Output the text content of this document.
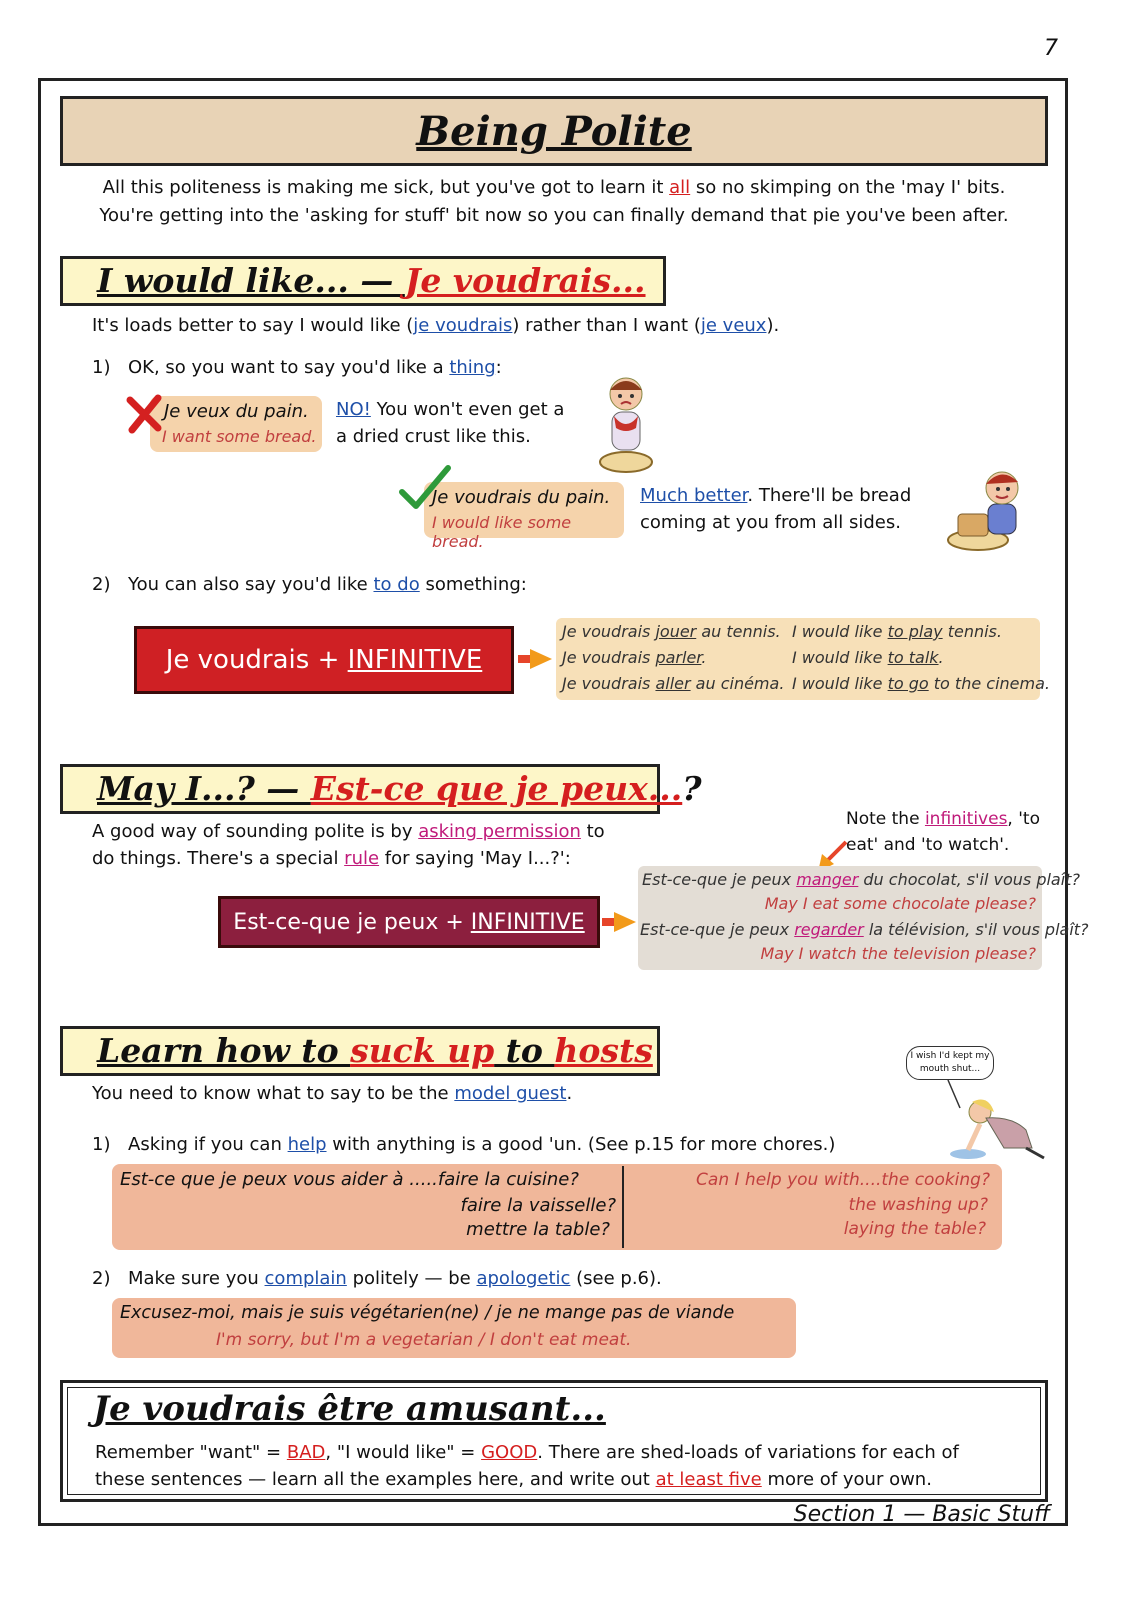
7
Being Polite
All this politeness is making me sick, but you've got to learn it all so no skimping on the 'may I' bits.
You're getting into the 'asking for stuff' bit now so you can finally demand that pie you've been after.
I would like... — Je voudrais...
It's loads better to say I would like (je voudrais) rather than I want (je veux).
1) OK, so you want to say you'd like a thing:
Je veux du pain.
I want some bread.
NO! You won't even get a
a dried crust like this.
Je voudrais du pain.
I would like some bread.
Much better. There'll be bread
coming at you from all sides.
2) You can also say you'd like to do something:
Je voudrais +
INFINITIVE
Je voudrais jouer au tennis. I would like to play tennis.
Je voudrais parler.	I would like to talk.
Je voudrais aller au cinéma. I would like to go to the cinema.
May I...? — Est-ce que je peux...?
A good way of sounding polite is by asking permission to
do things. There's a special rule for saying 'May I...?':
Note the infinitives, 'to
eat' and 'to watch'.
Est-ce-que je peux +
INFINITIVE
Est-ce-que je peux manger du chocolat, s'il vous plaît?
May I eat some chocolate please?
Est-ce-que je peux regarder la télévision, s'il vous plaît?
May I watch the television please?
Learn how to suck up to hosts
You need to know what to say to be the model guest.
I wish I'd kept my mouth shut...
1) Asking if you can help with anything is a good 'un. (See p.15 for more chores.)
Est-ce que je peux vous aider à .....faire la cuisine?
faire la vaisselle?
mettre la table?
Can I help you with....the cooking?
the washing up?
laying the table?
2) Make sure you complain politely — be apologetic (see p.6).
Excusez-moi, mais je suis végétarien(ne) / je ne mange pas de viande
I'm sorry, but I'm a vegetarian / I don't eat meat.
Je voudrais être amusant...
Remember "want" = BAD, "I would like" = GOOD. There are shed-loads of variations for each of
these sentences — learn all the examples here, and write out at least five more of your own.
Section 1 — Basic Stuff
